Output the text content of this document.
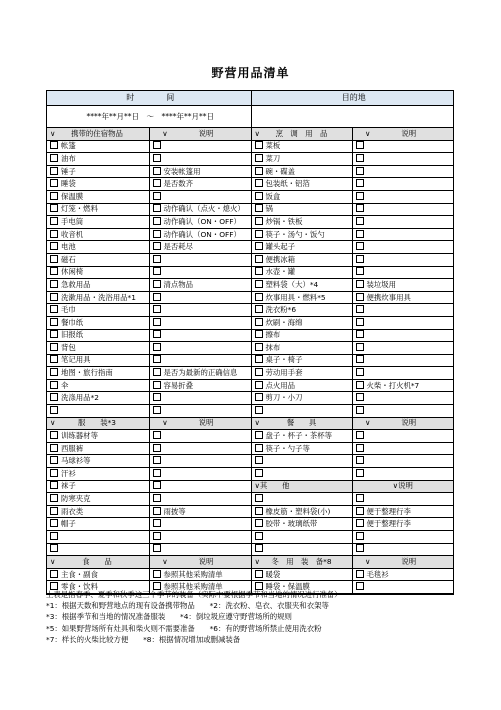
野营用品清单
时　　　　间		目的地	
****年**月**日　～　****年**月**日			
∨ 携带的住宿物品	∨ 说明	∨ 烹　调　用　品	∨ 说明
帐篷		菜板	
油布		菜刀	
锤子	安装帐篷用	碗・碟盖	
睡袋	是否数齐	包装纸・铝箔	
保温膜		饭盒	
灯笼・燃料	动作确认（点火・熄火）	锅	
手电筒	动作确认（ON・OFF）	炒锅・铁板	
收音机	动作确认（ON・OFF）	筷子・汤勺・饭勺	
电池	是否耗尽	罐头起子	
磁石		便携冰箱	
休闲椅		水壶・罐	
急救用品	清点物品	塑料袋（大）*4	装垃圾用
洗漱用品・洗浴用品*1		炊事用具・燃料*5	便携炊事用具
毛巾		洗衣粉*6	
餐巾纸		炊刷・海绵	
旧报纸		擦布	
背包		抹布	
笔记用具		桌子・椅子	
地图・旅行指南	是否为最新的正确信息	劳动用手套	
伞	容易折叠	点火用品	火柴・打火机*7
洗涤用品*2		剪刀・小刀	

∨ 服　　装*3	∨ 说明	∨ 餐　　具	∨ 说明
训练器材等		盘子・杯子・茶杯等	
西服裤		筷子・勺子等	
马球衫等			
汗衫			
袜子		∨其　　他	∨说明
防寒夹克			
雨衣类	雨披等	橡皮筋・塑料袋(小)	便于整理行李
帽子		胶带・玻璃纸带	便于整理行李

∨ 食　　品	∨ 说明	∨ 冬　用　装　备*8	∨ 说明
主食・副食	参照其他采购清单	暖袋	毛毯衫
零食・饮料	参照其他采购清单	睡袋・保温膜	
上表是指春季、夏季和秋季这三个季节的装备（实际中要根据季节和当地的情况进行准备）
*1：根据天数和野营地点的现有设备携带物品　　*2：洗衣粉、皂衣、衣服夹和衣架等
*3：根据季节和当地的情况准备服装　　*4：倒垃圾应遵守野营场所的规则
*5：如果野营场所有灶具和柴火则不需要准备　　*6：有的野营场所禁止使用洗衣粉
*7：样长的火柴比较方便　　*8：根据情况增加或删减装备
